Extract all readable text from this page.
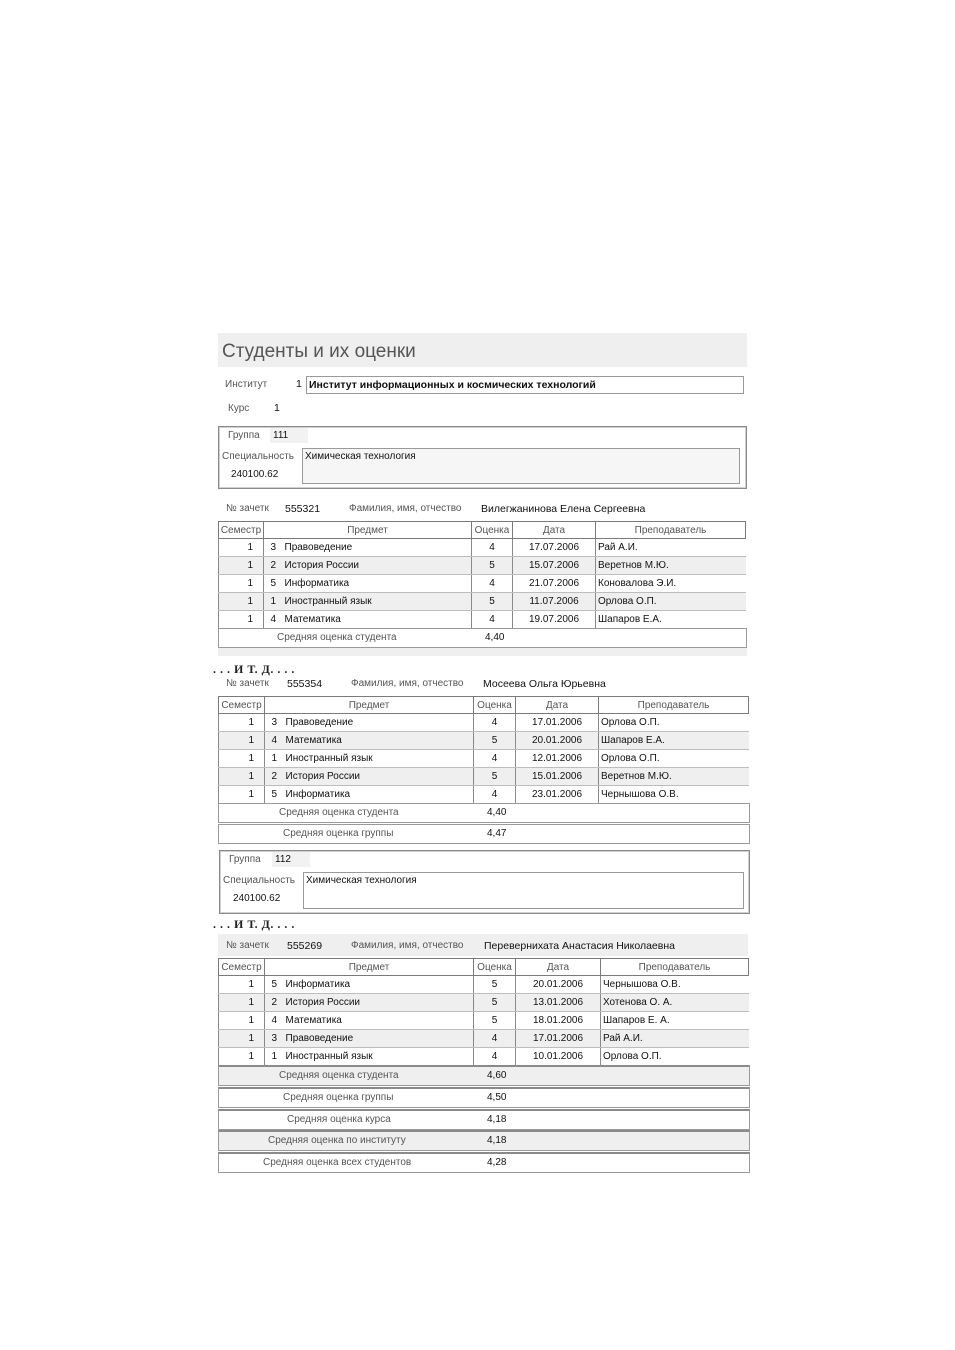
Студенты и их оценки
Институт	1 Институт информационных и космических технологий
Курс 1
Группа 111
Специальность	Химическая технология
240100.62
№ зачетк 555321	Фамилия, имя, отчество Вилегжанинова Елена Сергеевна
Семестр	Предмет		Оценка	Дата	Преподаватель
1	3	Правоведение	4	17.07.2006	Рай А.И.
1	2	История России	5	15.07.2006	Веретнов М.Ю.
1	5	Информатика	4	21.07.2006	Коновалова Э.И.
1	1	Иностранный язык	5	11.07.2006	Орлова О.П.
1	4	Математика	4	19.07.2006	Шапаров Е.А.
Средняя оценка студента	4,40
. . . И Т. Д. . . .
№ зачетк 555354	Фамилия, имя, отчество Мосеева Ольга Юрьевна
Семестр	Предмет		Оценка	Дата	Преподаватель
1	3	Правоведение	4	17.01.2006	Орлова О.П.
1	4	Математика	5	20.01.2006	Шапаров Е.А.
1	1	Иностранный язык	4	12.01.2006	Орлова О.П.
1	2	История России	5	15.01.2006	Веретнов М.Ю.
1	5	Информатика	4	23.01.2006	Чернышова О.В.
Средняя оценка студента	4,40
Средняя оценка группы	4,47
Группа 112
Специальность	Химическая технология
240100.62
. . . И Т. Д. . . .
№ зачетк 555269	Фамилия, имя, отчество Перевернихата Анастасия Николаевна
Семестр	Предмет		Оценка	Дата	Преподаватель
1	5	Информатика	5	20.01.2006	Чернышова О.В.
1	2	История России	5	13.01.2006	Хотенова О. А.
1	4	Математика	5	18.01.2006	Шапаров Е. А.
1	3	Правоведение	4	17.01.2006	Рай А.И.
1	1	Иностранный язык	4	10.01.2006	Орлова О.П.
Средняя оценка студента	4,60
Средняя оценка группы	4,50
Средняя оценка курса	4,18
Средняя оценка по институту	4,18
Средняя оценка всех студентов	4,28
